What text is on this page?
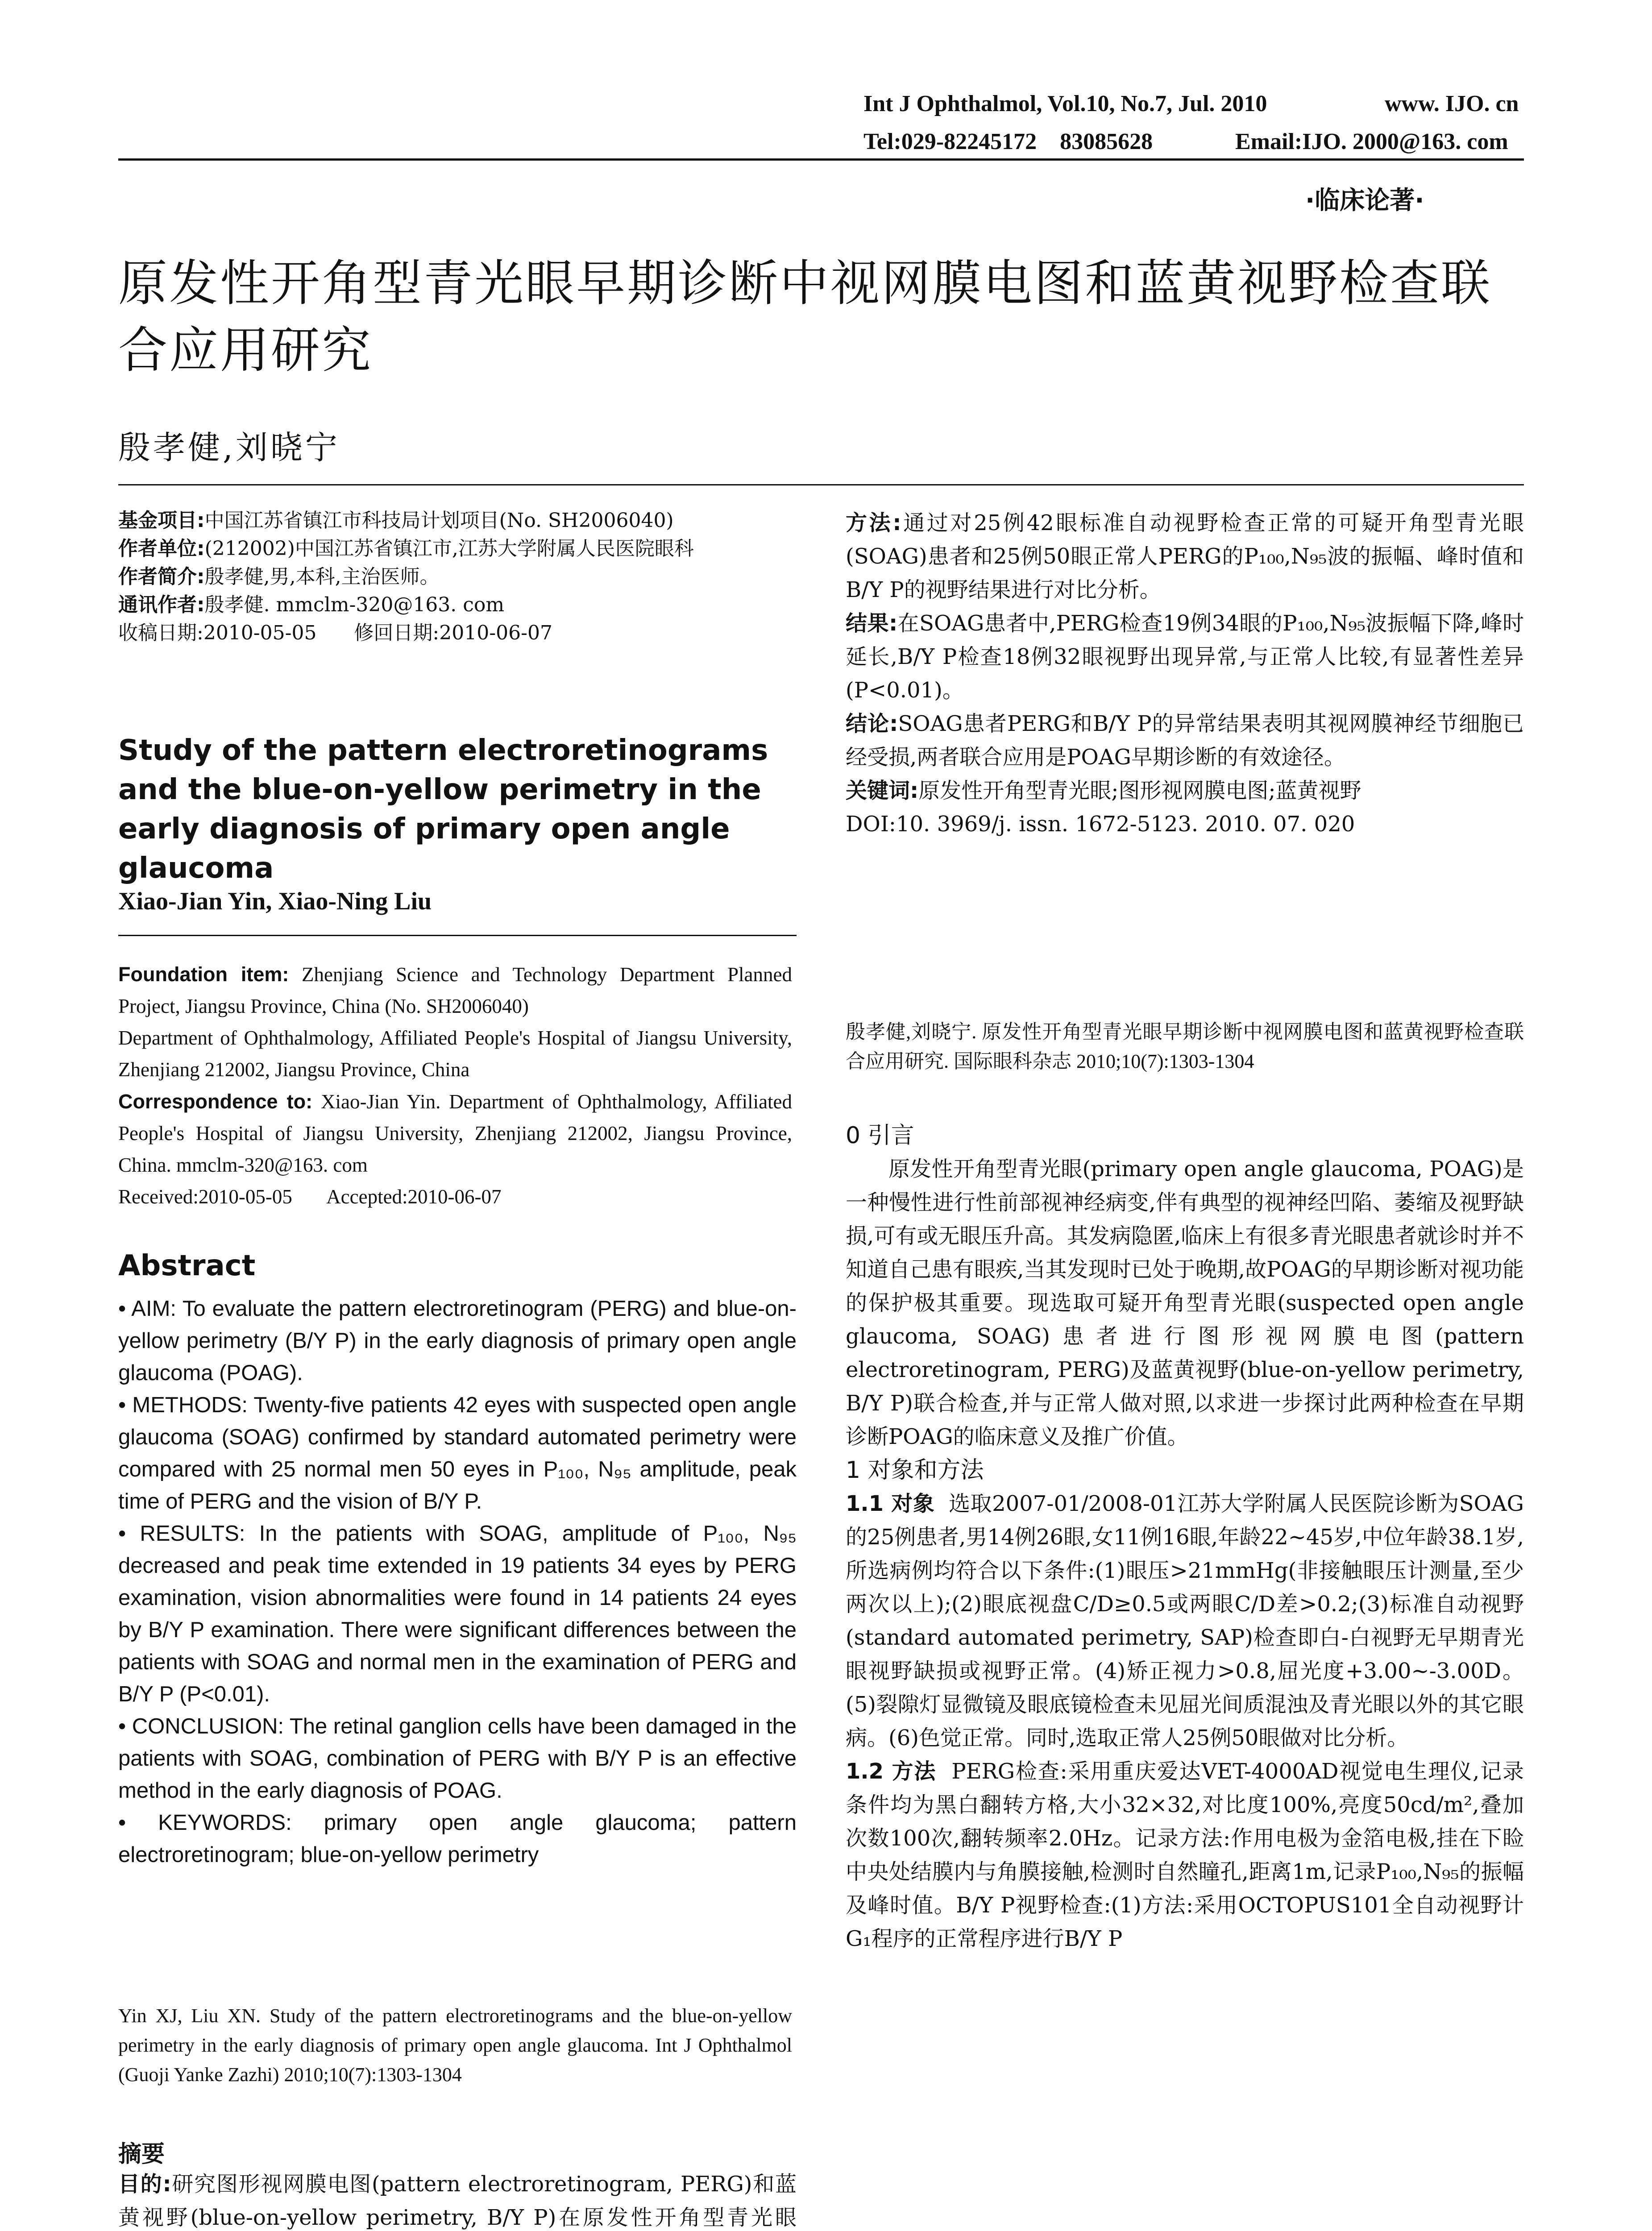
Int J Ophthalmol, Vol.10, No.7, Jul. 2010	www. IJO. cn
Tel:029-82245172    83085628	Email:IJO. 2000@163. com
·临床论著·
原发性开角型青光眼早期诊断中视网膜电图和蓝黄视野检查联合应用研究
殷孝健,刘晓宁
基金项目:中国江苏省镇江市科技局计划项目(No. SH2006040)
作者单位:(212002)中国江苏省镇江市,江苏大学附属人民医院眼科
作者简介:殷孝健,男,本科,主治医师。
通讯作者:殷孝健. mmclm-320@163. com
收稿日期:2010-05-05      修回日期:2010-06-07
Study of the pattern electroretinograms and the blue-on-yellow perimetry in the early diagnosis of primary open angle glaucoma
Xiao-Jian Yin, Xiao-Ning Liu
Foundation item: Zhenjiang Science and Technology Department Planned Project, Jiangsu Province, China (No. SH2006040)
Department of Ophthalmology, Affiliated People's Hospital of Jiangsu University, Zhenjiang 212002, Jiangsu Province, China
Correspondence to: Xiao-Jian Yin. Department of Ophthalmology, Affiliated People's Hospital of Jiangsu University, Zhenjiang 212002, Jiangsu Province, China. mmclm-320@163. com
Received:2010-05-05       Accepted:2010-06-07
Abstract

• AIM: To evaluate the pattern electroretinogram (PERG) and blue-on-yellow perimetry (B/Y P) in the early diagnosis of primary open angle glaucoma (POAG).

• METHODS: Twenty-five patients 42 eyes with suspected open angle glaucoma (SOAG) confirmed by standard automated perimetry were compared with 25 normal men 50 eyes in P₁₀₀, N₉₅ amplitude, peak time of PERG and the vision of B/Y P.

• RESULTS: In the patients with SOAG, amplitude of P₁₀₀, N₉₅ decreased and peak time extended in 19 patients 34 eyes by PERG examination, vision abnormalities were found in 14 patients 24 eyes by B/Y P examination. There were significant differences between the patients with SOAG and normal men in the examination of PERG and B/Y P (P<0.01).

• CONCLUSION: The retinal ganglion cells have been damaged in the patients with SOAG, combination of PERG with B/Y P is an effective method in the early diagnosis of POAG.

• KEYWORDS: primary open angle glaucoma; pattern electroretinogram; blue-on-yellow perimetry

Yin XJ, Liu XN. Study of the pattern electroretinograms and the blue-on-yellow perimetry in the early diagnosis of primary open angle glaucoma. Int J Ophthalmol (Guoji Yanke Zazhi) 2010;10(7):1303-1304
摘要
目的:研究图形视网膜电图(pattern electroretinogram, PERG)和蓝黄视野(blue-on-yellow perimetry, B/Y P)在原发性开角型青光眼

方法:通过对25例42眼标准自动视野检查正常的可疑开角型青光眼(SOAG)患者和25例50眼正常人PERG的P₁₀₀,N₉₅波的振幅、峰时值和B/Y P的视野结果进行对比分析。

结果:在SOAG患者中,PERG检查19例34眼的P₁₀₀,N₉₅波振幅下降,峰时延长,B/Y P检查18例32眼视野出现异常,与正常人比较,有显著性差异(P<0.01)。

结论:SOAG患者PERG和B/Y P的异常结果表明其视网膜神经节细胞已经受损,两者联合应用是POAG早期诊断的有效途径。

关键词:原发性开角型青光眼;图形视网膜电图;蓝黄视野

DOI:10. 3969/j. issn. 1672-5123. 2010. 07. 020

殷孝健,刘晓宁. 原发性开角型青光眼早期诊断中视网膜电图和蓝黄视野检查联合应用研究. 国际眼科杂志 2010;10(7):1303-1304
0 引言

原发性开角型青光眼(primary open angle glaucoma, POAG)是一种慢性进行性前部视神经病变,伴有典型的视神经凹陷、萎缩及视野缺损,可有或无眼压升高。其发病隐匿,临床上有很多青光眼患者就诊时并不知道自己患有眼疾,当其发现时已处于晚期,故POAG的早期诊断对视功能的保护极其重要。现选取可疑开角型青光眼(suspected open angle glaucoma, SOAG)患者进行图形视网膜电图(pattern electroretinogram, PERG)及蓝黄视野(blue-on-yellow perimetry, B/Y P)联合检查,并与正常人做对照,以求进一步探讨此两种检查在早期诊断POAG的临床意义及推广价值。

1 对象和方法

1.1 对象 选取2007-01/2008-01江苏大学附属人民医院诊断为SOAG的25例患者,男14例26眼,女11例16眼,年龄22~45岁,中位年龄38.1岁,所选病例均符合以下条件:(1)眼压>21mmHg(非接触眼压计测量,至少两次以上);(2)眼底视盘C/D≥0.5或两眼C/D差>0.2;(3)标准自动视野(standard automated perimetry, SAP)检查即白-白视野无早期青光眼视野缺损或视野正常。(4)矫正视力>0.8,屈光度+3.00~-3.00D。(5)裂隙灯显微镜及眼底镜检查未见屈光间质混浊及青光眼以外的其它眼病。(6)色觉正常。同时,选取正常人25例50眼做对比分析。

1.2 方法 PERG检查:采用重庆爱达VET-4000AD视觉电生理仪,记录条件均为黑白翻转方格,大小32×32,对比度100%,亮度50cd/m²,叠加次数100次,翻转频率2.0Hz。记录方法:作用电极为金箔电极,挂在下睑中央处结膜内与角膜接触,检测时自然瞳孔,距离1m,记录P₁₀₀,N₉₅的振幅及峰时值。B/Y P视野检查:(1)方法:采用OCTOPUS101全自动视野计G₁程序的正常程序进行B/Y P
